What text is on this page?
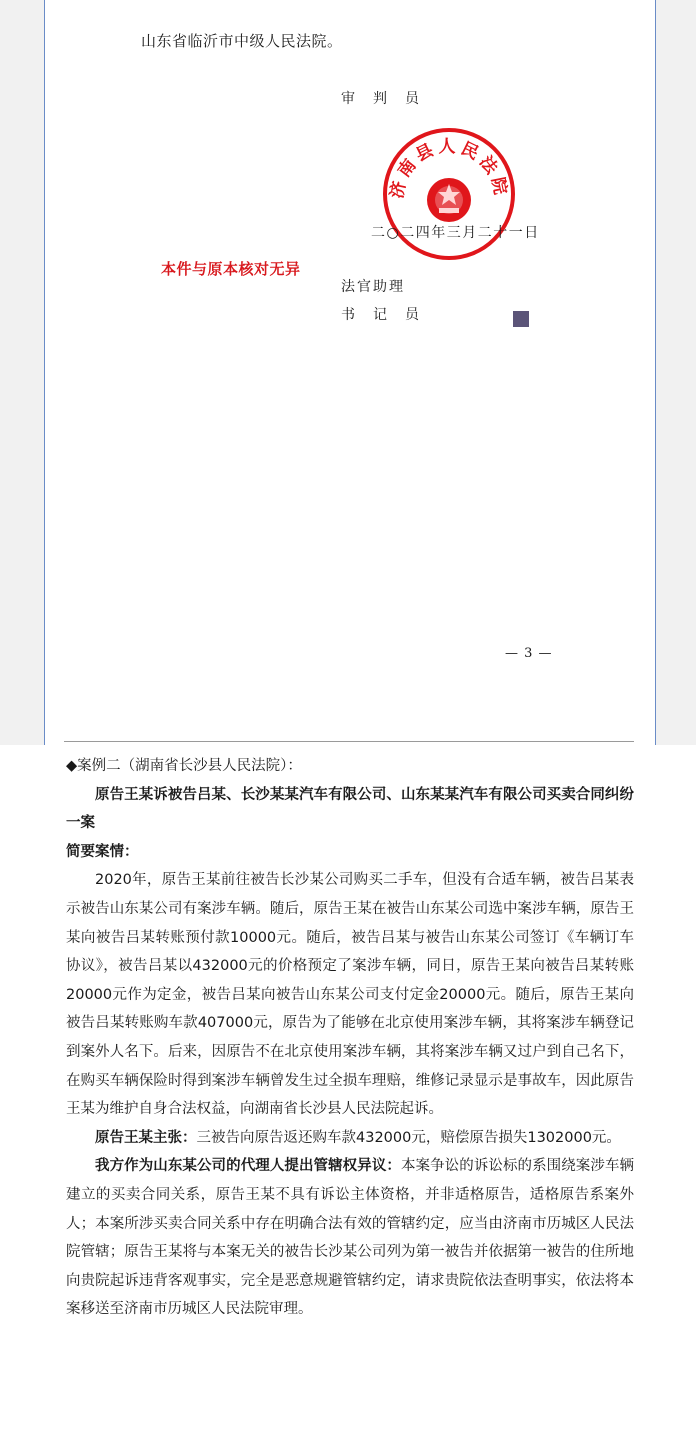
山东省临沂市中级人民法院。
审　判　员
济南县人民法院
二○二四年三月二十一日
本件与原本核对无异
法官助理
书　记　员
— 3 —

◆案例二（湖南省长沙县人民法院）：

原告王某诉被告吕某、长沙某某汽车有限公司、山东某某汽车有限公司买卖合同纠纷一案

简要案情：

2020年，原告王某前往被告长沙某公司购买二手车，但没有合适车辆，被告吕某表示被告山东某公司有案涉车辆。随后，原告王某在被告山东某公司选中案涉车辆，原告王某向被告吕某转账预付款10000元。随后，被告吕某与被告山东某公司签订《车辆订车协议》，被告吕某以432000元的价格预定了案涉车辆，同日，原告王某向被告吕某转账20000元作为定金，被告吕某向被告山东某公司支付定金20000元。随后，原告王某向被告吕某转账购车款407000元，原告为了能够在北京使用案涉车辆，其将案涉车辆登记到案外人名下。后来，因原告不在北京使用案涉车辆，其将案涉车辆又过户到自己名下，在购买车辆保险时得到案涉车辆曾发生过全损车理赔，维修记录显示是事故车，因此原告王某为维护自身合法权益，向湖南省长沙县人民法院起诉。

原告王某主张：三被告向原告返还购车款432000元，赔偿原告损失1302000元。

我方作为山东某公司的代理人提出管辖权异议：本案争讼的诉讼标的系围绕案涉车辆建立的买卖合同关系，原告王某不具有诉讼主体资格，并非适格原告，适格原告系案外人；本案所涉买卖合同关系中存在明确合法有效的管辖约定，应当由济南市历城区人民法院管辖；原告王某将与本案无关的被告长沙某公司列为第一被告并依据第一被告的住所地向贵院起诉违背客观事实，完全是恶意规避管辖约定，请求贵院依法查明事实，依法将本案移送至济南市历城区人民法院审理。
